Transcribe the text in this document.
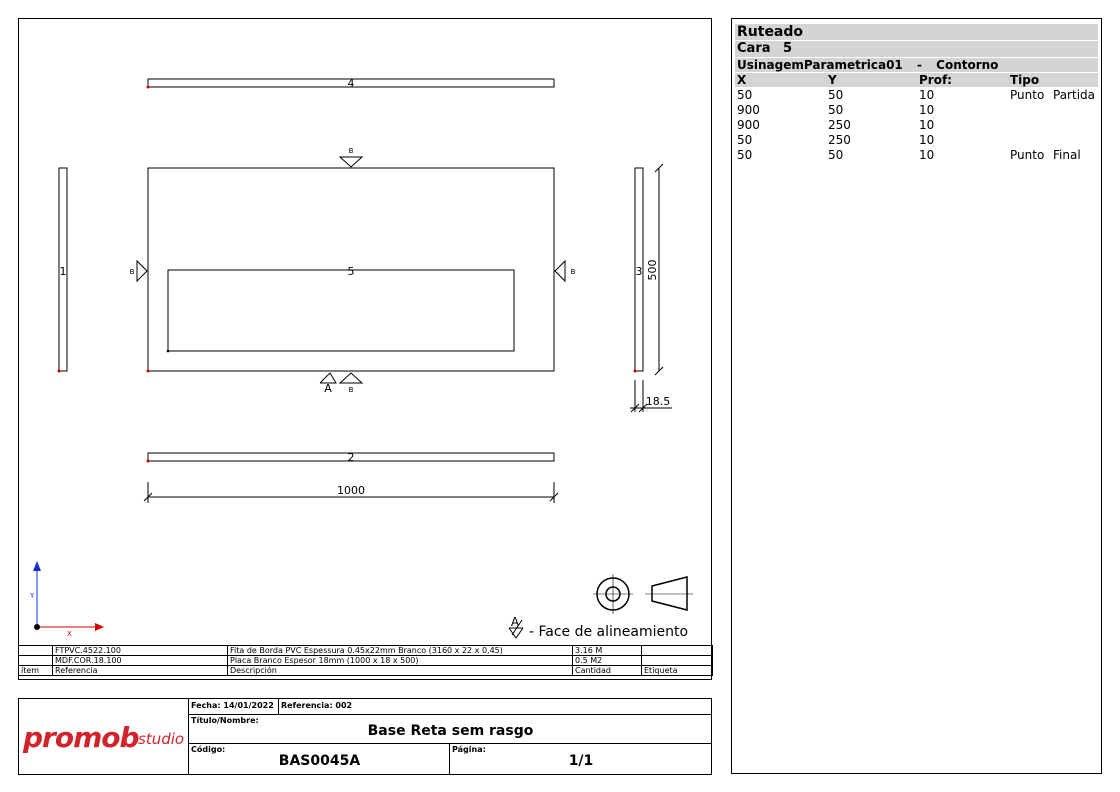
4
1	5
B
B	B
B
A
3 500
18.5
2
1000
X
Y
A
- Face de alineamiento
	FTPVC.4522.100	Fita de Borda PVC Espessura 0.45x22mm Branco (3160 x 22 x 0,45)	3.16 M	
	MDF.COR.18.100	Placa Branco Espesor 18mm (1000 x 18 x 500)	0.5 M2	
ítem	Referencia	Descripción	Cantidad	Etiqueta
promob studio
Fecha: 14/01/2022 Referencia: 002
Título/Nombre:
Base Reta sem rasgo
Código:
BAS0045A
Página:
1/1
Ruteado
Cara 5
UsinagemParametrica01 - Contorno
X	Y	Prof:	Tipo
50	50	10	Punto Partida
900	50	10
900	250	10
50	250	10
50	50	10	Punto Final
